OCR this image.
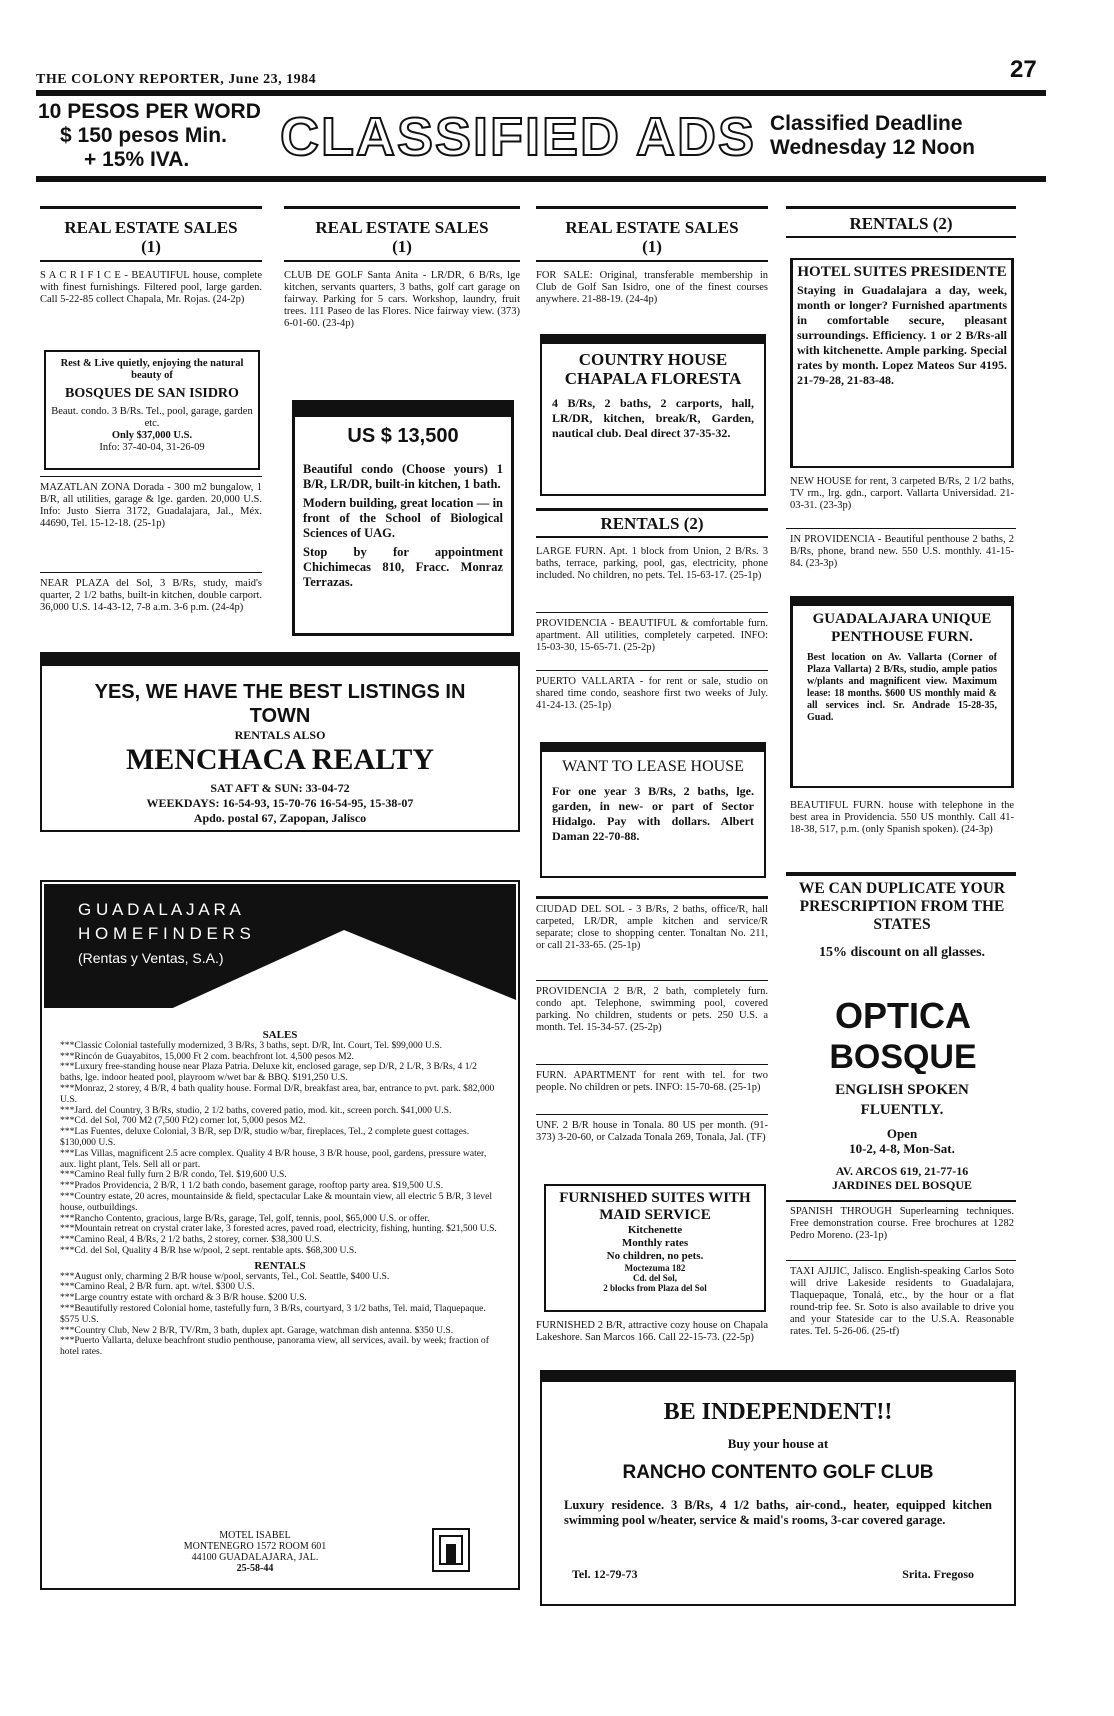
THE COLONY REPORTER, June 23, 1984	27
10 PESOS PER WORD
$ 150 pesos Min.
+ 15% IVA.	CLASSIFIED ADS Classified Deadline
Wednesday 12 Noon
REAL ESTATE SALES
(1)
S A C R I F I C E - BEAUTIFUL house, complete with finest furnishings. Filtered pool, large garden. Call 5-22-85 collect Chapala, Mr. Rojas. (24-2p)
Rest & Live quietly, enjoying the natural beauty of
BOSQUES DE SAN ISIDRO
Beaut. condo. 3 B/Rs. Tel., pool, garage, garden etc.
Only $37,000 U.S.
Info: 37-40-04, 31-26-09
MAZATLAN ZONA Dorada - 300 m2 bungalow, 1 B/R, all utilities, garage & lge. garden. 20,000 U.S. Info: Justo Sierra 3172, Guadalajara, Jal., Méx. 44690, Tel. 15-12-18. (25-1p)
NEAR PLAZA del Sol, 3 B/Rs, study, maid's quarter, 2 1/2 baths, built-in kitchen, double carport. 36,000 U.S. 14-43-12, 7-8 a.m. 3-6 p.m. (24-4p)
REAL ESTATE SALES
(1)
CLUB DE GOLF Santa Anita - LR/DR, 6 B/Rs, lge kitchen, servants quarters, 3 baths, golf cart garage on fairway. Parking for 5 cars. Workshop, laundry, fruit trees. 111 Paseo de las Flores. Nice fairway view. (373) 6-01-60. (23-4p)
US $ 13,500
Beautiful condo (Choose yours) 1 B/R, LR/DR, built-in kitchen, 1 bath.
Modern building, great location — in front of the School of Biological Sciences of UAG.
Stop by for appointment Chichimecas 810, Fracc. Monraz Terrazas.
YES, WE HAVE THE BEST LISTINGS IN TOWN
RENTALS ALSO
MENCHACA REALTY
SAT AFT & SUN: 33-04-72
WEEKDAYS: 16-54-93, 15-70-76 16-54-95, 15-38-07
Apdo. postal 67, Zapopan, Jalisco
G U A D A L A J A R A
H O M E F I N D E R S
(Rentas y Ventas, S.A.)
SALES
***Classic Colonial tastefully modernized, 3 B/Rs, 3 baths, sept. D/R, Int. Court, Tel. $99,000 U.S.
***Rincón de Guayabitos, 15,000 Ft 2 com. beachfront lot. 4,500 pesos M2.
***Luxury free-standing house near Plaza Patria. Deluxe kit, enclosed garage, sep D/R, 2 L/R, 3 B/Rs, 4 1/2 baths, lge. indoor heated pool, playroom w/wet bar & BBQ. $191,250 U.S.
***Monraz, 2 storey, 4 B/R, 4 bath quality house. Formal D/R, breakfast area, bar, entrance to pvt. park. $82,000 U.S.
***Jard. del Country, 3 B/Rs, studio, 2 1/2 baths, covered patio, mod. kit., screen porch. $41,000 U.S.
***Cd. del Sol, 700 M2 (7,500 Ft2) corner lot, 5,000 pesos M2.
***Las Fuentes, deluxe Colonial, 3 B/R, sep D/R, studio w/bar, fireplaces, Tel., 2 complete guest cottages. $130,000 U.S.
***Las Villas, magnificent 2.5 acre complex. Quality 4 B/R house, 3 B/R house, pool, gardens, pressure water, aux. light plant, Tels. Sell all or part.
***Camino Real fully furn 2 B/R condo, Tel. $19,600 U.S.
***Prados Providencia, 2 B/R, 1 1/2 bath condo, basement garage, rooftop party area. $19,500 U.S.
***Country estate, 20 acres, mountainside & field, spectacular Lake & mountain view, all electric 5 B/R, 3 level house, outbuildings.
***Rancho Contento, gracious, large B/Rs, garage, Tel, golf, tennis, pool, $65,000 U.S. or offer.
***Mountain retreat on crystal crater lake, 3 forested acres, paved road, electricity, fishing, hunting. $21,500 U.S.
***Camino Real, 4 B/Rs, 2 1/2 baths, 2 storey, corner. $38,300 U.S.
***Cd. del Sol, Quality 4 B/R hse w/pool, 2 sept. rentable apts. $68,300 U.S.
RENTALS
***August only, charming 2 B/R house w/pool, servants, Tel., Col. Seattle, $400 U.S.
***Camino Real, 2 B/R furn. apt. w/tel. $300 U.S.
***Large country estate with orchard & 3 B/R house. $200 U.S.
***Beautifully restored Colonial home, tastefully furn, 3 B/Rs, courtyard, 3 1/2 baths, Tel. maid, Tlaquepaque. $575 U.S.
***Country Club, New 2 B/R, TV/Rm, 3 bath, duplex apt. Garage, watchman dish antenna. $350 U.S.
***Puerto Vallarta, deluxe beachfront studio penthouse, panorama view, all services, avail. by week; fraction of hotel rates.
MOTEL ISABEL
MONTENEGRO 1572 ROOM 601
44100 GUADALAJARA, JAL.
25-58-44
REAL ESTATE SALES
(1)
FOR SALE: Original, transferable membership in Club de Golf San Isidro, one of the finest courses anywhere. 21-88-19. (24-4p)
COUNTRY HOUSE CHAPALA FLORESTA
4 B/Rs, 2 baths, 2 carports, hall, LR/DR, kitchen, break/R, Garden, nautical club. Deal direct 37-35-32.
RENTALS (2)
LARGE FURN. Apt. 1 block from Union, 2 B/Rs. 3 baths, terrace, parking, pool, gas, electricity, phone included. No children, no pets. Tel. 15-63-17. (25-1p)
PROVIDENCIA - BEAUTIFUL & comfortable furn. apartment. All utilities, completely carpeted. INFO: 15-03-30, 15-65-71. (25-2p)
PUERTO VALLARTA - for rent or sale, studio on shared time condo, seashore first two weeks of July. 41-24-13. (25-1p)
WANT TO LEASE HOUSE
For one year 3 B/Rs, 2 baths, lge. garden, in new- or part of Sector Hidalgo. Pay with dollars. Albert Daman 22-70-88.
CIUDAD DEL SOL - 3 B/Rs, 2 baths, office/R, hall carpeted, LR/DR, ample kitchen and service/R separate; close to shopping center. Tonaltan No. 211, or call 21-33-65. (25-1p)
PROVIDENCIA 2 B/R, 2 bath, completely furn. condo apt. Telephone, swimming pool, covered parking. No children, students or pets. 250 U.S. a month. Tel. 15-34-57. (25-2p)
FURN. APARTMENT for rent with tel. for two people. No children or pets. INFO: 15-70-68. (25-1p)
UNF. 2 B/R house in Tonala. 80 US per month. (91-373) 3-20-60, or Calzada Tonala 269, Tonala, Jal. (TF)
FURNISHED SUITES WITH MAID SERVICE
Kitchenette
Monthly rates
No children, no pets.
Moctezuma 182
Cd. del Sol,
2 blocks from Plaza del Sol
FURNISHED 2 B/R, attractive cozy house on Chapala Lakeshore. San Marcos 166. Call 22-15-73. (22-5p)
RENTALS (2)
HOTEL SUITES PRESIDENTE
Staying in Guadalajara a day, week, month or longer? Furnished apartments in comfortable secure, pleasant surroundings. Efficiency. 1 or 2 B/Rs-all with kitchenette. Ample parking. Special rates by month. Lopez Mateos Sur 4195. 21-79-28, 21-83-48.
NEW HOUSE for rent, 3 carpeted B/Rs, 2 1/2 baths, TV rm., lrg. gdn., carport. Vallarta Universidad. 21-03-31. (23-3p)
IN PROVIDENCIA - Beautiful penthouse 2 baths, 2 B/Rs, phone, brand new. 550 U.S. monthly. 41-15-84. (23-3p)
GUADALAJARA UNIQUE PENTHOUSE FURN.
Best location on Av. Vallarta (Corner of Plaza Vallarta) 2 B/Rs, studio, ample patios w/plants and magnificent view. Maximum lease: 18 months. $600 US monthly maid & all services incl. Sr. Andrade 15-28-35, Guad.
BEAUTIFUL FURN. house with telephone in the best area in Providencia. 550 US monthly. Call 41-18-38, 517, p.m. (only Spanish spoken). (24-3p)
WE CAN DUPLICATE YOUR PRESCRIPTION FROM THE STATES
15% discount on all glasses.
OPTICA
BOSQUE
ENGLISH SPOKEN FLUENTLY.
Open
10-2, 4-8, Mon-Sat.
AV. ARCOS 619, 21-77-16
JARDINES DEL BOSQUE
SPANISH THROUGH Superlearning techniques. Free demonstration course. Free brochures at 1282 Pedro Moreno. (23-1p)
TAXI AJIJIC, Jalisco. English-speaking Carlos Soto will drive Lakeside residents to Guadalajara, Tlaquepaque, Tonalá, etc., by the hour or a flat round-trip fee. Sr. Soto is also available to drive you and your Stateside car to the U.S.A. Reasonable rates. Tel. 5-26-06. (25-tf)
BE INDEPENDENT!!
Buy your house at
RANCHO CONTENTO GOLF CLUB
Luxury residence. 3 B/Rs, 4 1/2 baths, air-cond., heater, equipped kitchen swimming pool w/heater, service & maid's rooms, 3-car covered garage.
Tel. 12-79-73	Srita. Fregoso
